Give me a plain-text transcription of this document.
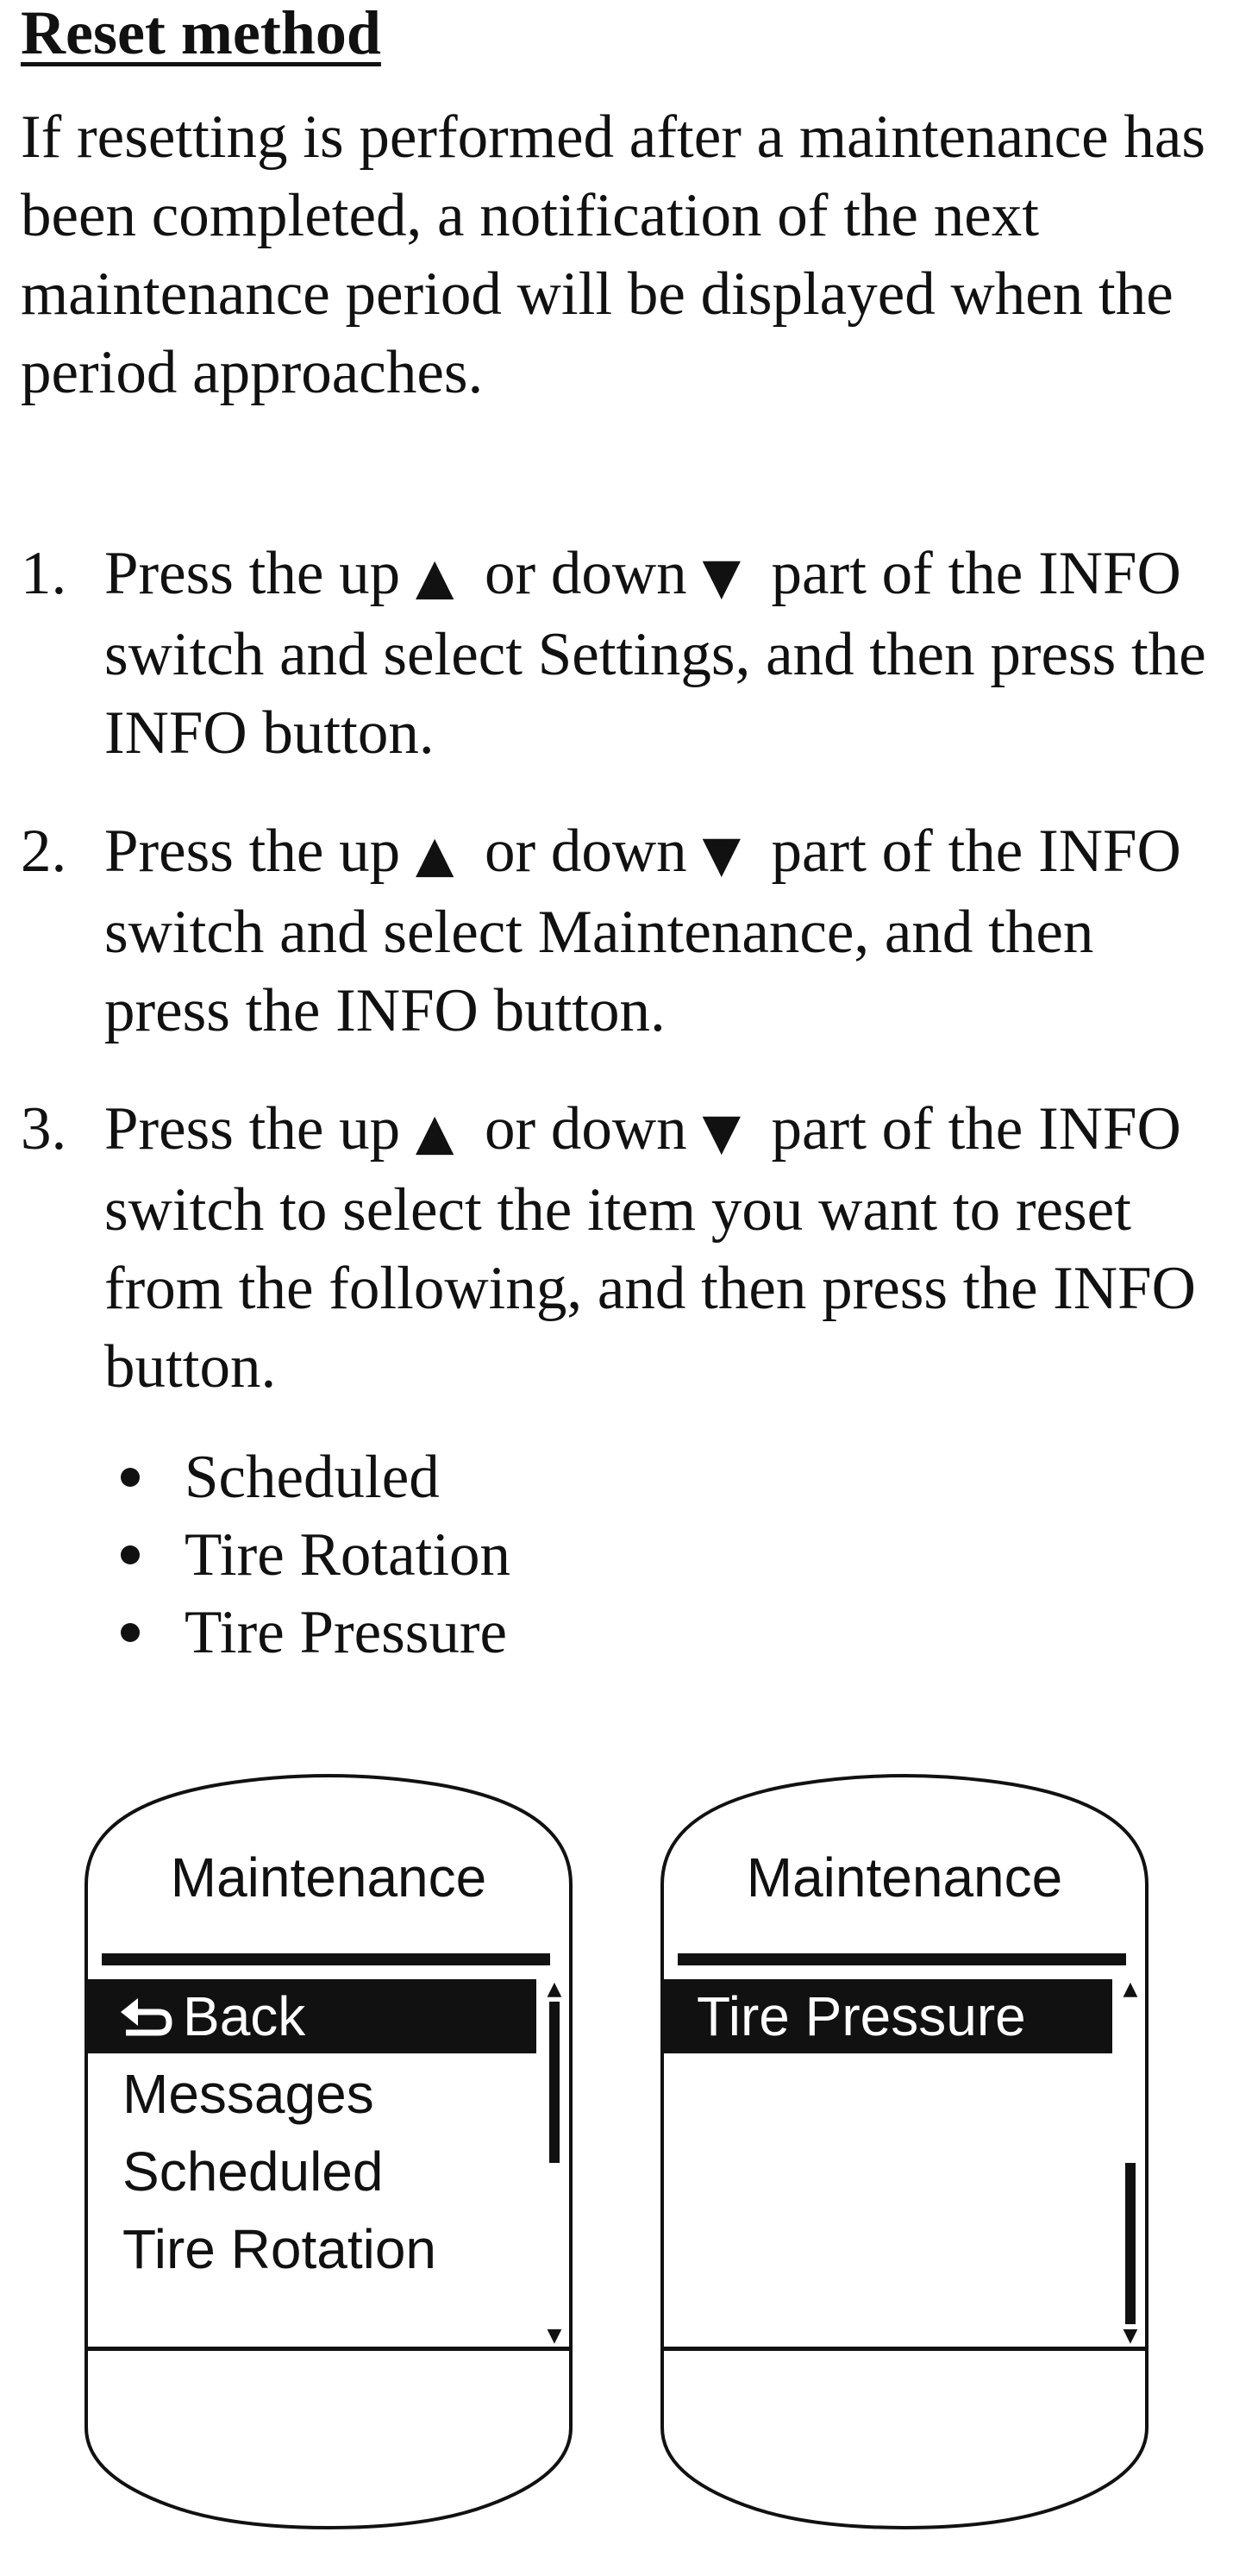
Reset method

If resetting is performed after a maintenance has been completed, a notification of the next maintenance period will be displayed when the period approaches.

1. Press the up ▲ or down ▼ part of the INFO switch and select Settings, and then press the INFO button.
2. Press the up ▲ or down ▼ part of the INFO switch and select Maintenance, and then press the INFO button.
3. Press the up ▲ or down ▼ part of the INFO switch to select the item you want to reset from the following, and then press the INFO button.
Scheduled
Tire Rotation
Tire Pressure
Maintenance
Back
Messages
Scheduled
Tire Rotation
▲
▼
Maintenance
Tire Pressure	▲
▼
